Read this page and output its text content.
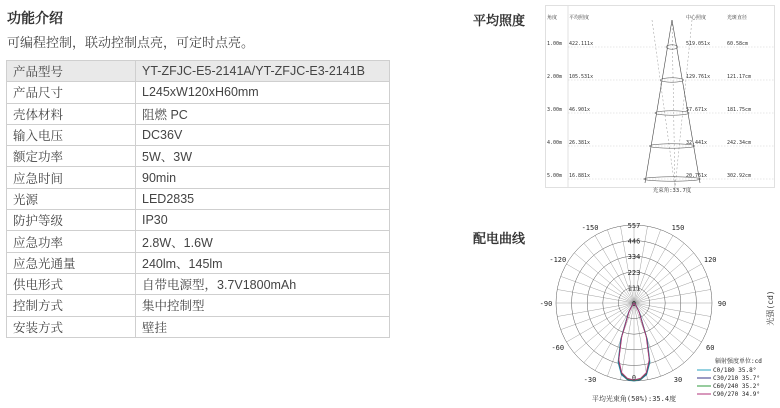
功能介绍
可编程控制，联动控制点亮，可定时点亮。
产品型号	YT-ZFJC-E5-2141A/YT-ZFJC-E3-2141B
产品尺寸	L245xW120xH60mm
壳体材料	阻燃 PC
输入电压	DC36V
额定功率	5W、3W
应急时间	90min
光源	LED2835
防护等级	IP30
应急功率	2.8W、1.6W
应急光通量	240lm、145lm
供电形式	自带电源型，3.7V1800mAh
控制方式	集中控制型
安装方式	壁挂
平均照度
配电曲线
角度 平均照度	中心照度	光斑直径
1.00m 422.111x	519.051x	60.58cm
2.00m 105.531x	129.761x	121.17cm
3.00m 46.901x	57.671x	181.75cm
4.00m 26.381x	32.441x	242.34cm
5.00m 16.881x	20.761x	302.92cm
光束角:33.7度
557
446
334
223
111
0
150
120
90
60
30
-30
-60
-90
-120
-150
光强(cd)
辐射强度单位:cd
C0/180 35.8°
C30/210 35.7°
C60/240 35.2°
C90/270 34.9°
0
平均光束角(50%):35.4度
